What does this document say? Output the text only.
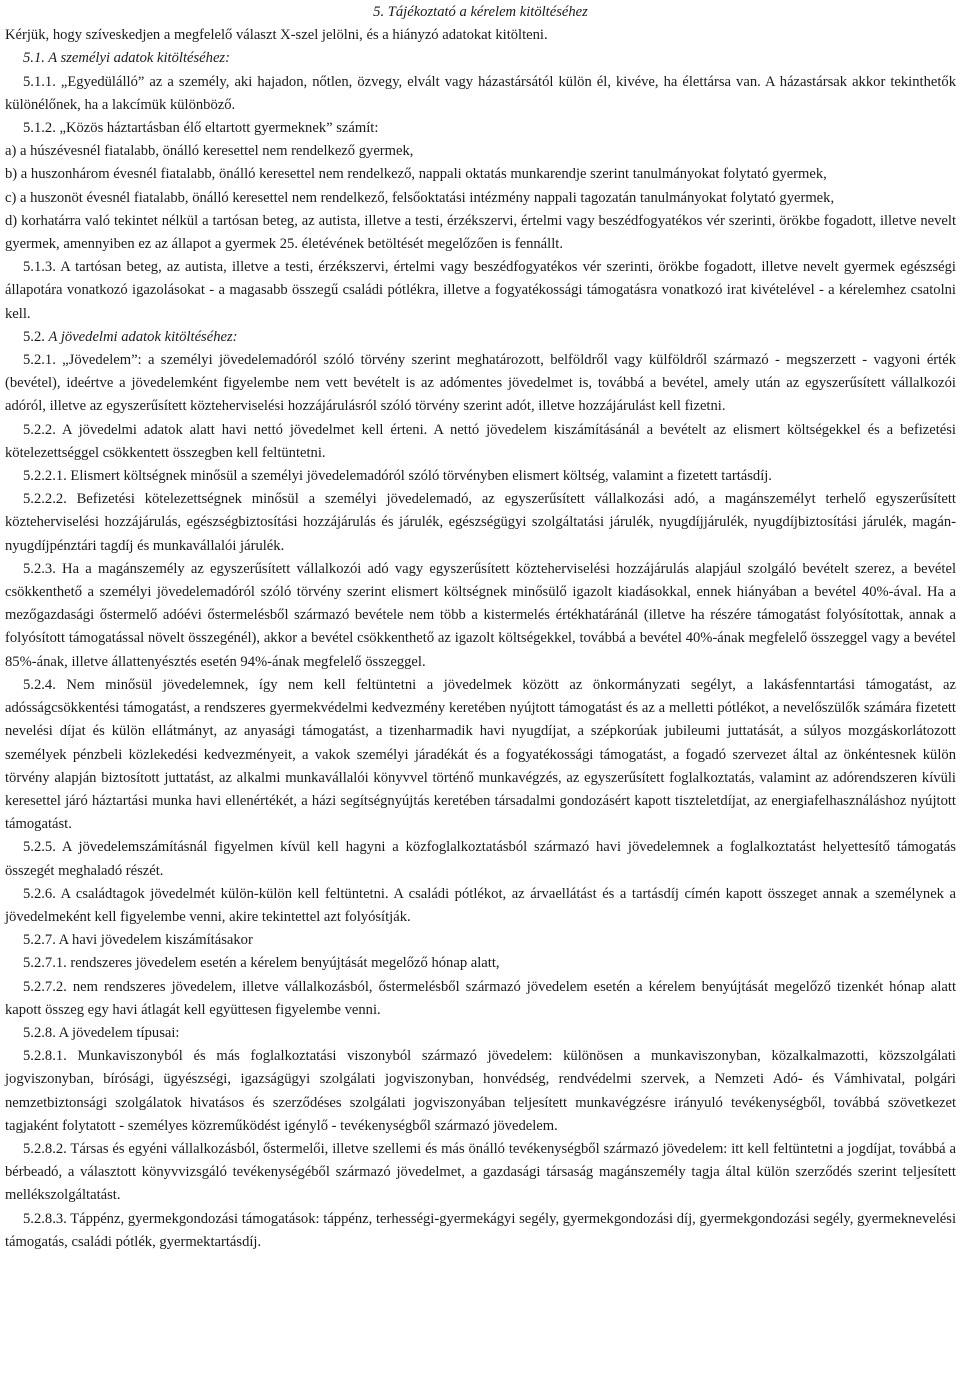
5. Tájékoztató a kérelem kitöltéséhez

Kérjük, hogy szíveskedjen a megfelelő választ X-szel jelölni, és a hiányzó adatokat kitölteni.

5.1. A személyi adatok kitöltéséhez:

5.1.1. „Egyedülálló” az a személy, aki hajadon, nőtlen, özvegy, elvált vagy házastársától külön él, kivéve, ha élettársa van. A házastársak akkor tekinthetők különélőnek, ha a lakcímük különböző.

5.1.2. „Közös háztartásban élő eltartott gyermeknek” számít:

a) a húszévesnél fiatalabb, önálló keresettel nem rendelkező gyermek,

b) a huszonhárom évesnél fiatalabb, önálló keresettel nem rendelkező, nappali oktatás munkarendje szerint tanulmányokat folytató gyermek,

c) a huszonöt évesnél fiatalabb, önálló keresettel nem rendelkező, felsőoktatási intézmény nappali tagozatán tanulmányokat folytató gyermek,

d) korhatárra való tekintet nélkül a tartósan beteg, az autista, illetve a testi, érzékszervi, értelmi vagy beszédfogyatékos vér szerinti, örökbe fogadott, illetve nevelt gyermek, amennyiben ez az állapot a gyermek 25. életévének betöltését megelőzően is fennállt.

5.1.3. A tartósan beteg, az autista, illetve a testi, érzékszervi, értelmi vagy beszédfogyatékos vér szerinti, örökbe fogadott, illetve nevelt gyermek egészségi állapotára vonatkozó igazolásokat - a magasabb összegű családi pótlékra, illetve a fogyatékossági támogatásra vonatkozó irat kivételével - a kérelemhez csatolni kell.

5.2. A jövedelmi adatok kitöltéséhez:

5.2.1. „Jövedelem”: a személyi jövedelemadóról szóló törvény szerint meghatározott, belföldről vagy külföldről származó - megszerzett - vagyoni érték (bevétel), ideértve a jövedelemként figyelembe nem vett bevételt is az adómentes jövedelmet is, továbbá a bevétel, amely után az egyszerűsített vállalkozói adóról, illetve az egyszerűsített közteherviselési hozzájárulásról szóló törvény szerint adót, illetve hozzájárulást kell fizetni.

5.2.2. A jövedelmi adatok alatt havi nettó jövedelmet kell érteni. A nettó jövedelem kiszámításánál a bevételt az elismert költségekkel és a befizetési kötelezettséggel csökkentett összegben kell feltüntetni.

5.2.2.1. Elismert költségnek minősül a személyi jövedelemadóról szóló törvényben elismert költség, valamint a fizetett tartásdíj.

5.2.2.2. Befizetési kötelezettségnek minősül a személyi jövedelemadó, az egyszerűsített vállalkozási adó, a magánszemélyt terhelő egyszerűsített közteherviselési hozzájárulás, egészségbiztosítási hozzájárulás és járulék, egészségügyi szolgáltatási járulék, nyugdíjjárulék, nyugdíjbiztosítási járulék, magán-nyugdíjpénztári tagdíj és munkavállalói járulék.

5.2.3. Ha a magánszemély az egyszerűsített vállalkozói adó vagy egyszerűsített közteherviselési hozzájárulás alapjául szolgáló bevételt szerez, a bevétel csökkenthető a személyi jövedelemadóról szóló törvény szerint elismert költségnek minősülő igazolt kiadásokkal, ennek hiányában a bevétel 40%-ával. Ha a mezőgazdasági őstermelő adóévi őstermelésből származó bevétele nem több a kistermelés értékhatáránál (illetve ha részére támogatást folyósítottak, annak a folyósított támogatással növelt összegénél), akkor a bevétel csökkenthető az igazolt költségekkel, továbbá a bevétel 40%-ának megfelelő összeggel vagy a bevétel 85%-ának, illetve állattenyésztés esetén 94%-ának megfelelő összeggel.

5.2.4. Nem minősül jövedelemnek, így nem kell feltüntetni a jövedelmek között az önkormányzati segélyt, a lakásfenntartási támogatást, az adósságcsökkentési támogatást, a rendszeres gyermekvédelmi kedvezmény keretében nyújtott támogatást és az a melletti pótlékot, a nevelőszülők számára fizetett nevelési díjat és külön ellátmányt, az anyasági támogatást, a tizenharmadik havi nyugdíjat, a szépkorúak jubileumi juttatását, a súlyos mozgáskorlátozott személyek pénzbeli közlekedési kedvezményeit, a vakok személyi járadékát és a fogyatékossági támogatást, a fogadó szervezet által az önkéntesnek külön törvény alapján biztosított juttatást, az alkalmi munkavállalói könyvvel történő munkavégzés, az egyszerűsített foglalkoztatás, valamint az adórendszeren kívüli keresettel járó háztartási munka havi ellenértékét, a házi segítségnyújtás keretében társadalmi gondozásért kapott tiszteletdíjat, az energiafelhasználáshoz nyújtott támogatást.

5.2.5. A jövedelemszámításnál figyelmen kívül kell hagyni a közfoglalkoztatásból származó havi jövedelemnek a foglalkoztatást helyettesítő támogatás összegét meghaladó részét.

5.2.6. A családtagok jövedelmét külön-külön kell feltüntetni. A családi pótlékot, az árvaellátást és a tartásdíj címén kapott összeget annak a személynek a jövedelmeként kell figyelembe venni, akire tekintettel azt folyósítják.

5.2.7. A havi jövedelem kiszámításakor

5.2.7.1. rendszeres jövedelem esetén a kérelem benyújtását megelőző hónap alatt,

5.2.7.2. nem rendszeres jövedelem, illetve vállalkozásból, őstermelésből származó jövedelem esetén a kérelem benyújtását megelőző tizenkét hónap alatt kapott összeg egy havi átlagát kell együttesen figyelembe venni.

5.2.8. A jövedelem típusai:

5.2.8.1. Munkaviszonyból és más foglalkoztatási viszonyból származó jövedelem: különösen a munkaviszonyban, közalkalmazotti, közszolgálati jogviszonyban, bírósági, ügyészségi, igazságügyi szolgálati jogviszonyban, honvédség, rendvédelmi szervek, a Nemzeti Adó- és Vámhivatal, polgári nemzetbiztonsági szolgálatok hivatásos és szerződéses szolgálati jogviszonyában teljesített munkavégzésre irányuló tevékenységből, továbbá szövetkezet tagjaként folytatott - személyes közreműködést igénylő - tevékenységből származó jövedelem.

5.2.8.2. Társas és egyéni vállalkozásból, őstermelői, illetve szellemi és más önálló tevékenységből származó jövedelem: itt kell feltüntetni a jogdíjat, továbbá a bérbeadó, a választott könyvvizsgáló tevékenységéből származó jövedelmet, a gazdasági társaság magánszemély tagja által külön szerződés szerint teljesített mellékszolgáltatást.

5.2.8.3. Táppénz, gyermekgondozási támogatások: táppénz, terhességi-gyermekágyi segély, gyermekgondozási díj, gyermekgondozási segély, gyermeknevelési támogatás, családi pótlék, gyermektartásdíj.
